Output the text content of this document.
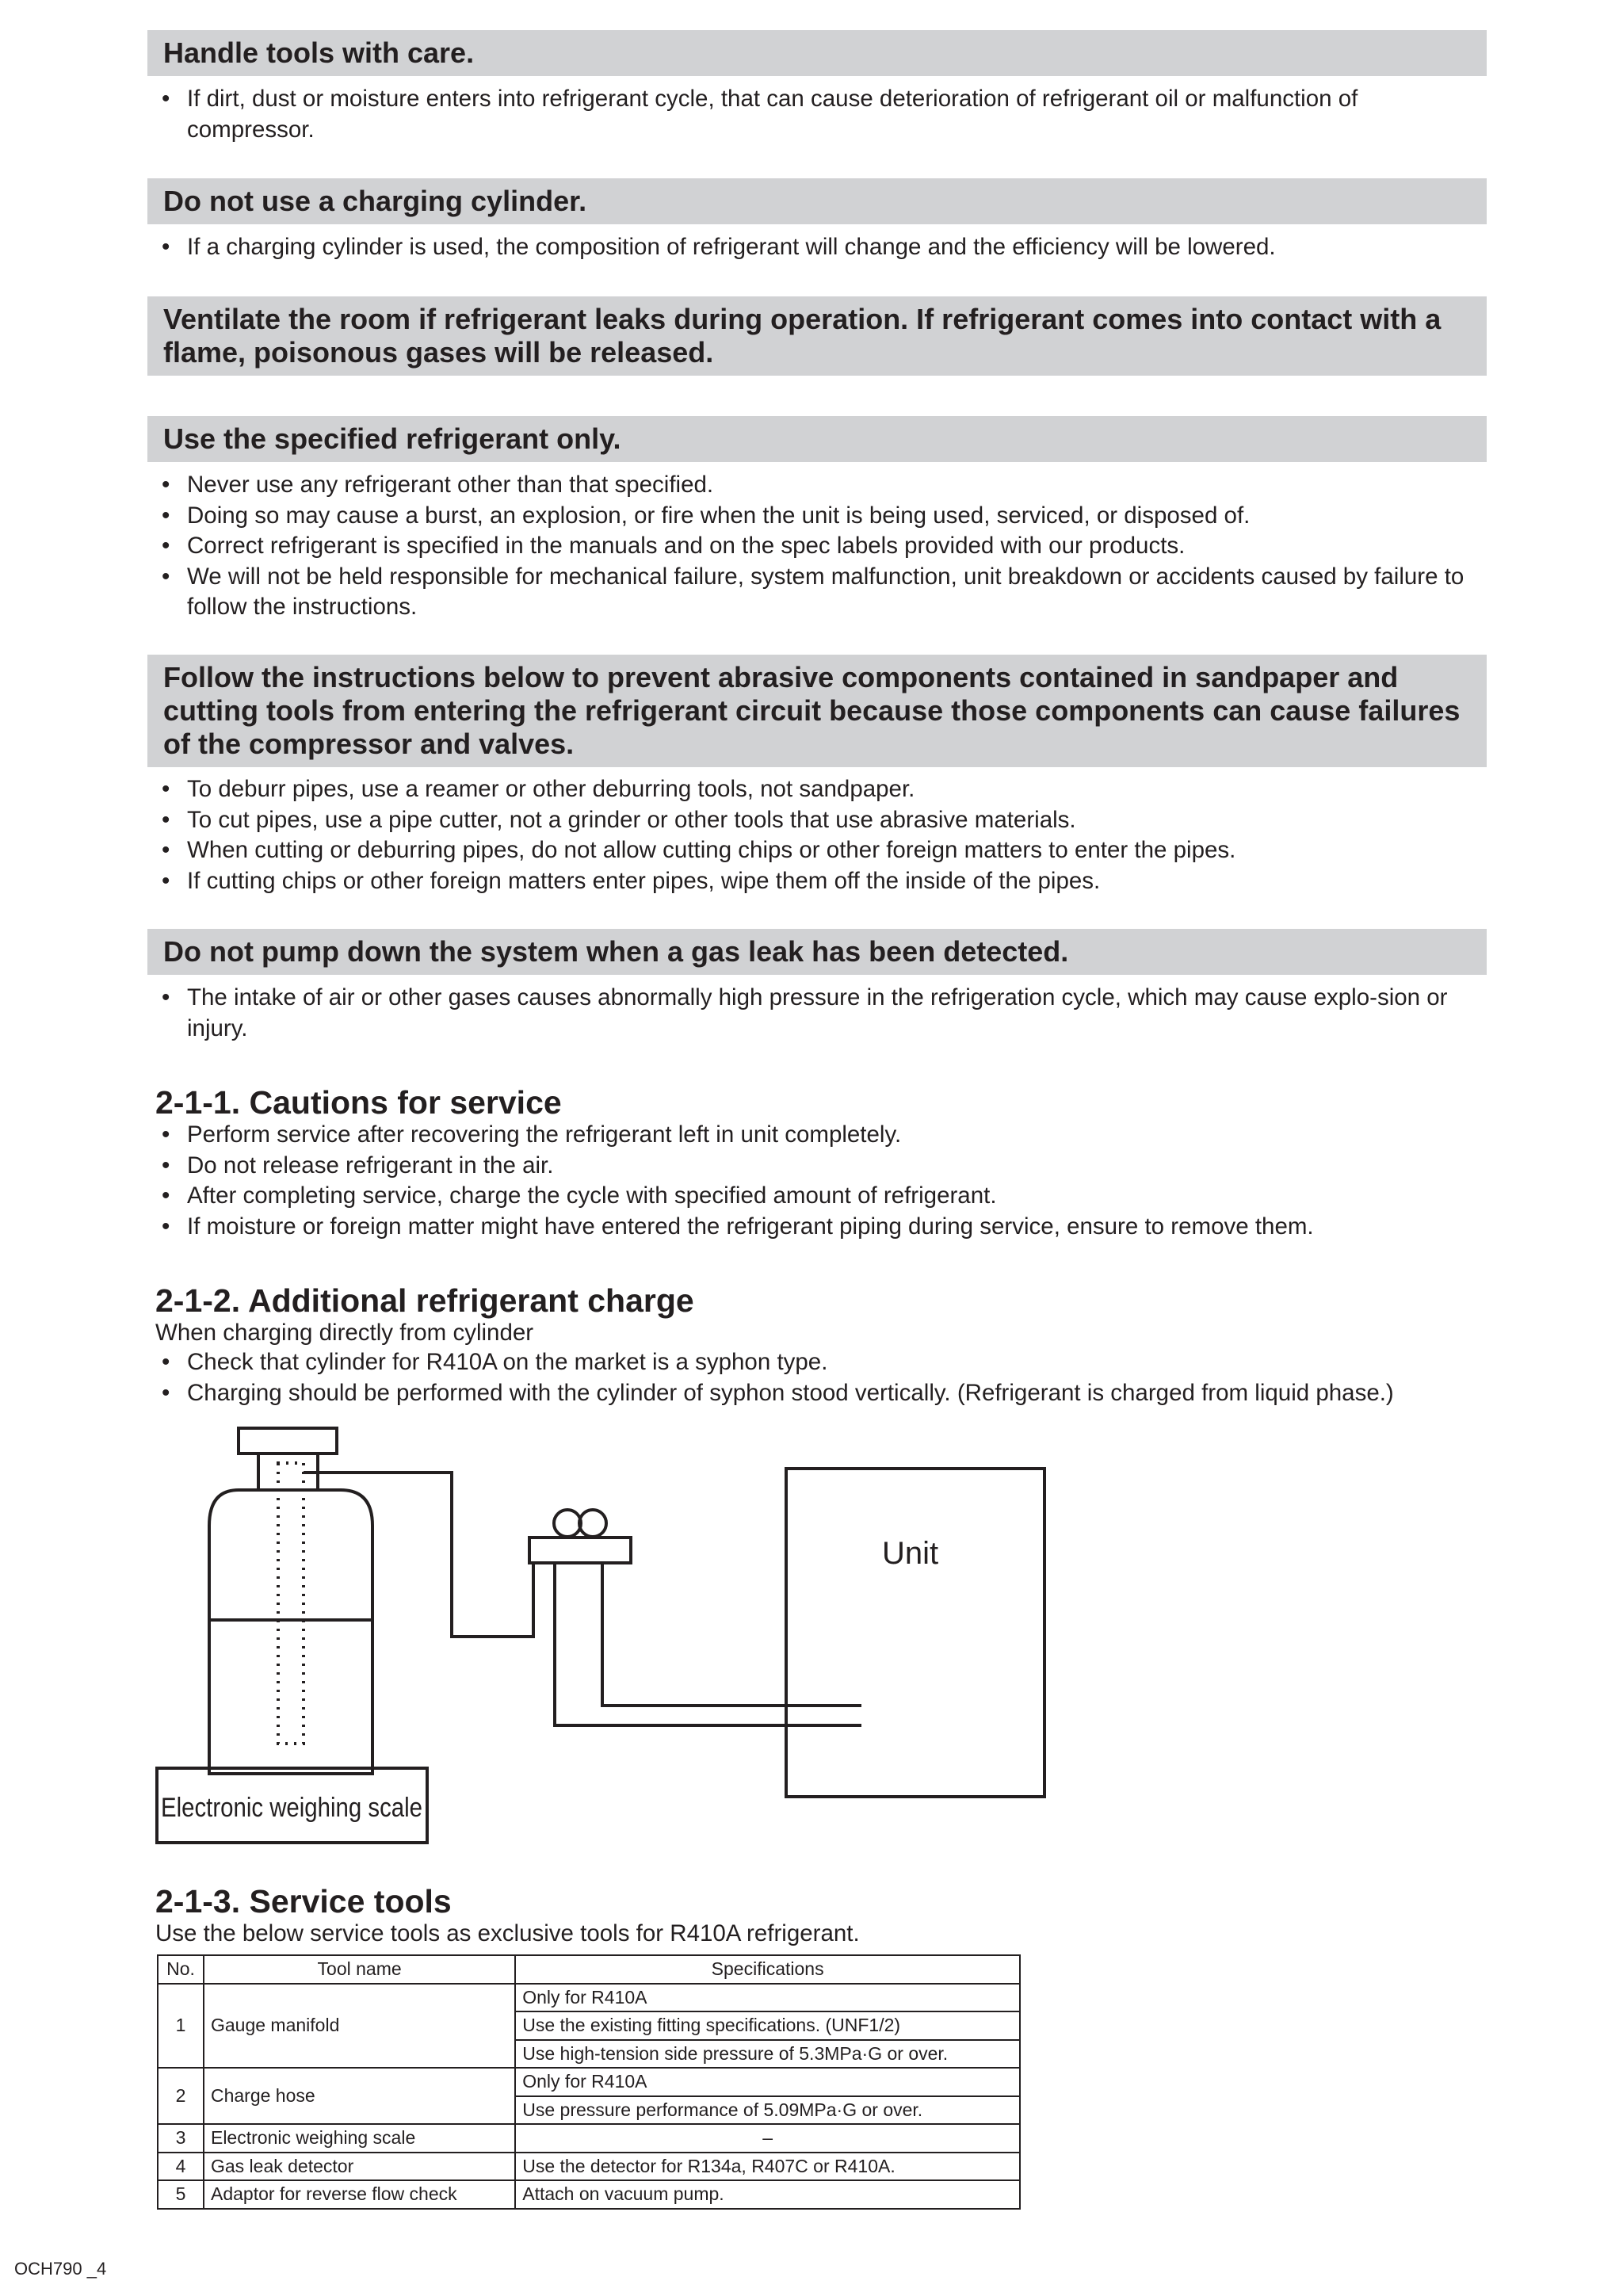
Handle tools with care.
• If dirt, dust or moisture enters into refrigerant cycle, that can cause deterioration of refrigerant oil or malfunction of compressor.
Do not use a charging cylinder.
• If a charging cylinder is used, the composition of refrigerant will change and the efficiency will be lowered.
Ventilate the room if refrigerant leaks during operation. If refrigerant comes into contact with a flame, poisonous gases will be released.
Use the specified refrigerant only.
• Never use any refrigerant other than that specified.
• Doing so may cause a burst, an explosion, or fire when the unit is being used, serviced, or disposed of.
• Correct refrigerant is specified in the manuals and on the spec labels provided with our products.
• We will not be held responsible for mechanical failure, system malfunction, unit breakdown or accidents caused by failure to follow the instructions.
Follow the instructions below to prevent abrasive components contained in sandpaper and cutting tools from entering the refrigerant circuit because those components can cause failures of the compressor and valves.
• To deburr pipes, use a reamer or other deburring tools, not sandpaper.
• To cut pipes, use a pipe cutter, not a grinder or other tools that use abrasive materials.
• When cutting or deburring pipes, do not allow cutting chips or other foreign matters to enter the pipes.
• If cutting chips or other foreign matters enter pipes, wipe them off the inside of the pipes.
Do not pump down the system when a gas leak has been detected.
• The intake of air or other gases causes abnormally high pressure in the refrigeration cycle, which may cause explo-sion or injury.
2-1-1. Cautions for service
• Perform service after recovering the refrigerant left in unit completely.
• Do not release refrigerant in the air.
• After completing service, charge the cycle with specified amount of refrigerant.
• If moisture or foreign matter might have entered the refrigerant piping during service, ensure to remove them.
2-1-2. Additional refrigerant charge
When charging directly from cylinder
• Check that cylinder for R410A on the market is a syphon type.
• Charging should be performed with the cylinder of syphon stood vertically. (Refrigerant is charged from liquid phase.)
Unit
Electronic weighing scale
2-1-3. Service tools
Use the below service tools as exclusive tools for R410A refrigerant.
No.	Tool name	Specifications
1	Gauge manifold	Only for R410A
		Use the existing fitting specifications. (UNF1/2)
		Use high-tension side pressure of 5.3MPa·G or over.
2	Charge hose	Only for R410A
		Use pressure performance of 5.09MPa·G or over.
3	Electronic weighing scale	–
4	Gas leak detector	Use the detector for R134a, R407C or R410A.
5	Adaptor for reverse flow check	Attach on vacuum pump.
OCH790 _4
